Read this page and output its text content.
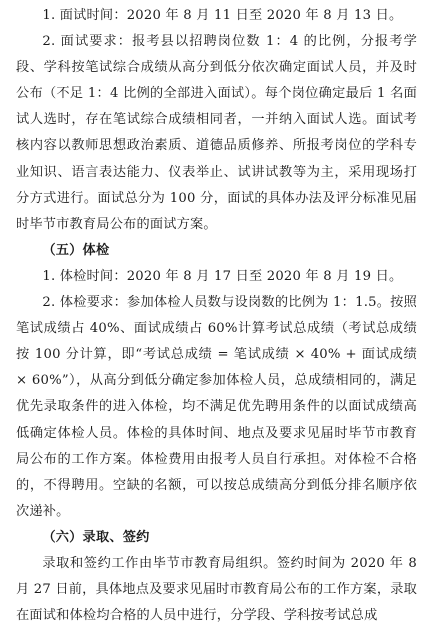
1. 面试时间：2020 年 8 月 11 日至 2020 年 8 月 13 日。

2. 面试要求：报考县以招聘岗位数 1：4 的比例，分报考学段、学科按笔试综合成绩从高分到低分依次确定面试人员，并及时公布（不足 1：4 比例的全部进入面试）。每个岗位确定最后 1 名面试人选时，存在笔试综合成绩相同者，一并纳入面试人选。面试考核内容以教师思想政治素质、道德品质修养、所报考岗位的学科专业知识、语言表达能力、仪表举止、试讲试教等为主，采用现场打分方式进行。面试总分为 100 分，面试的具体办法及评分标准见届时毕节市教育局公布的面试方案。

（五）体检

1. 体检时间：2020 年 8 月 17 日至 2020 年 8 月 19 日。

2. 体检要求：参加体检人员数与设岗数的比例为 1：1.5。按照笔试成绩占 40%、面试成绩占 60%计算考试总成绩（考试总成绩按 100 分计算，即“考试总成绩 = 笔试成绩 × 40% + 面试成绩 × 60%”），从高分到低分确定参加体检人员，总成绩相同的，满足优先录取条件的进入体检，均不满足优先聘用条件的以面试成绩高低确定体检人员。体检的具体时间、地点及要求见届时毕节市教育局公布的工作方案。体检费用由报考人员自行承担。对体检不合格的，不得聘用。空缺的名额，可以按总成绩高分到低分排名顺序依次递补。

（六）录取、签约

录取和签约工作由毕节市教育局组织。签约时间为 2020 年 8 月 27 日前，具体地点及要求见届时市教育局公布的工作方案，录取在面试和体检均合格的人员中进行，分学段、学科按考试总成
